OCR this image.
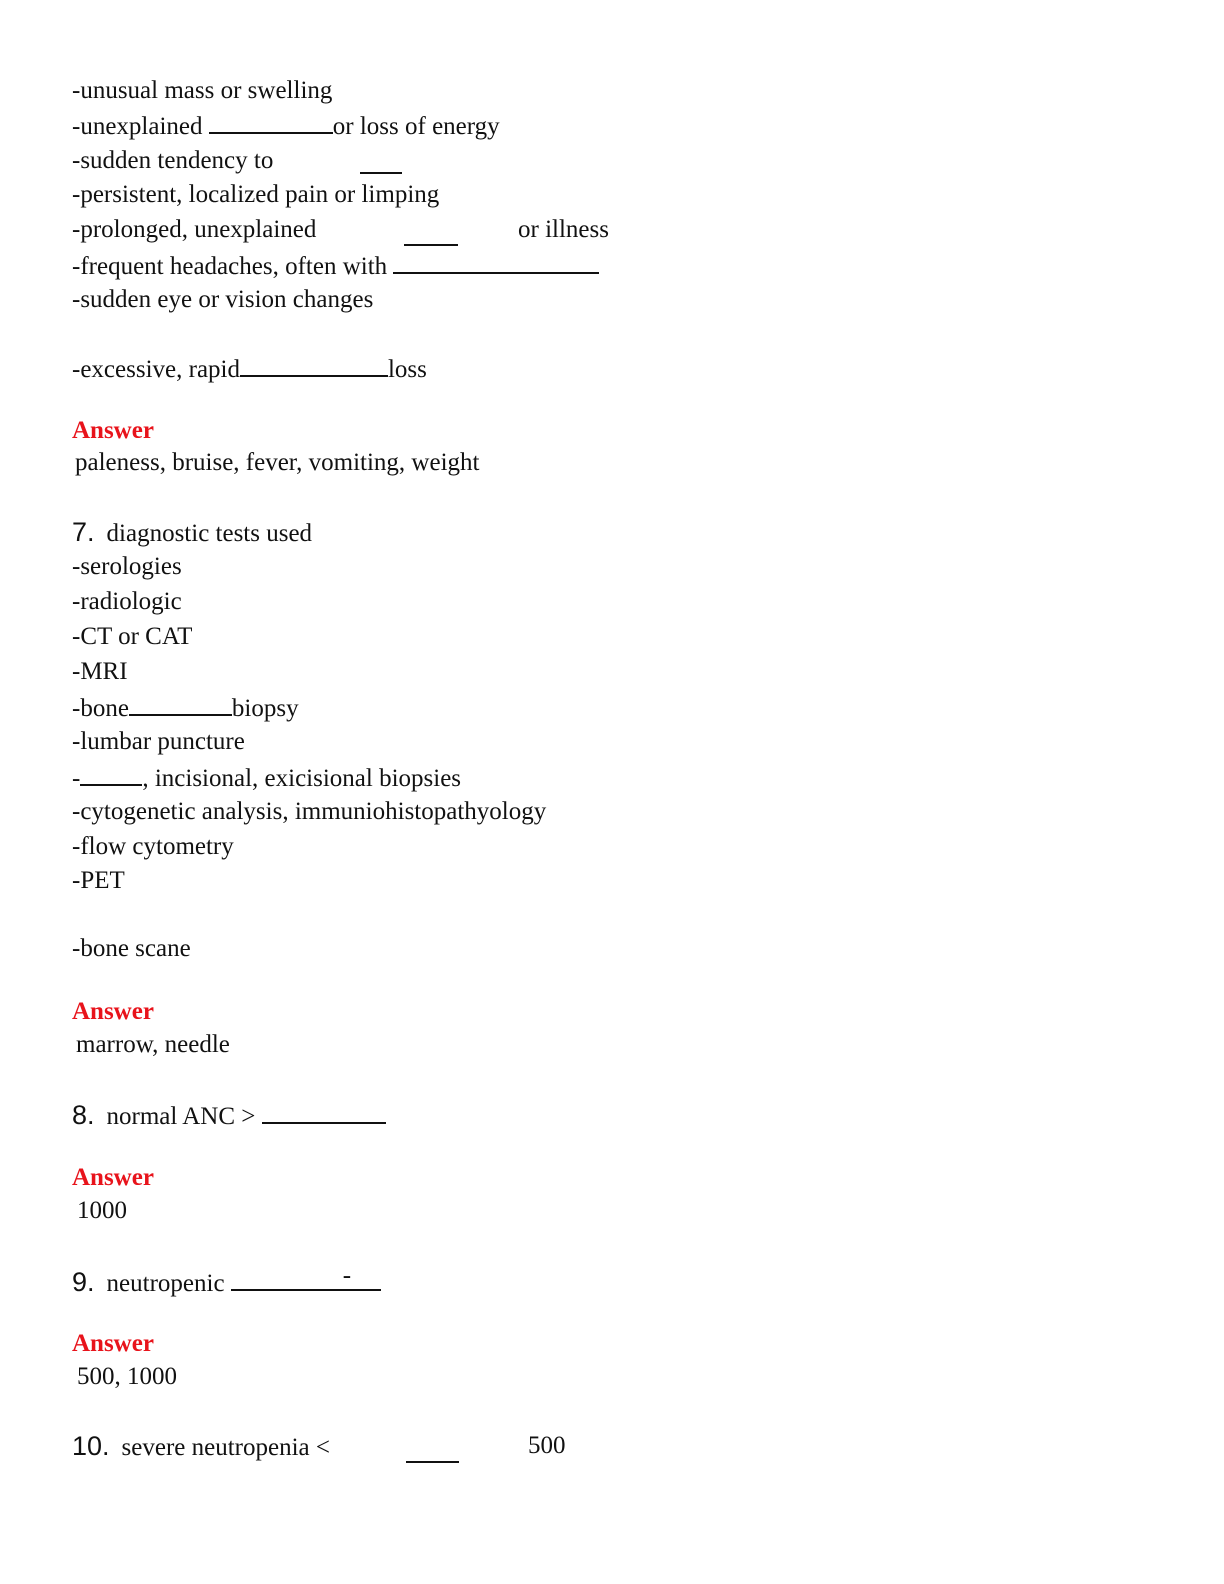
-unusual mass or swelling
-unexplained	or loss of energy
-sudden tendency to
-persistent, localized pain or limping
-prolonged, unexplained	or illness
-frequent headaches, often with
-sudden eye or vision changes
-excessive, rapid	loss
Answer
paleness, bruise, fever, vomiting, weight
7. diagnostic tests used
-serologies
-radiologic
-CT or CAT
-MRI
-bone	biopsy
-lumbar puncture
- , incisional, exicisional biopsies
-cytogenetic analysis, immuniohistopathyology
-flow cytometry
-PET
-bone scane
Answer
marrow, needle
8. normal ANC >
Answer
1000
9. neutropenic	-
Answer
500, 1000
10. severe neutropenia <	500
